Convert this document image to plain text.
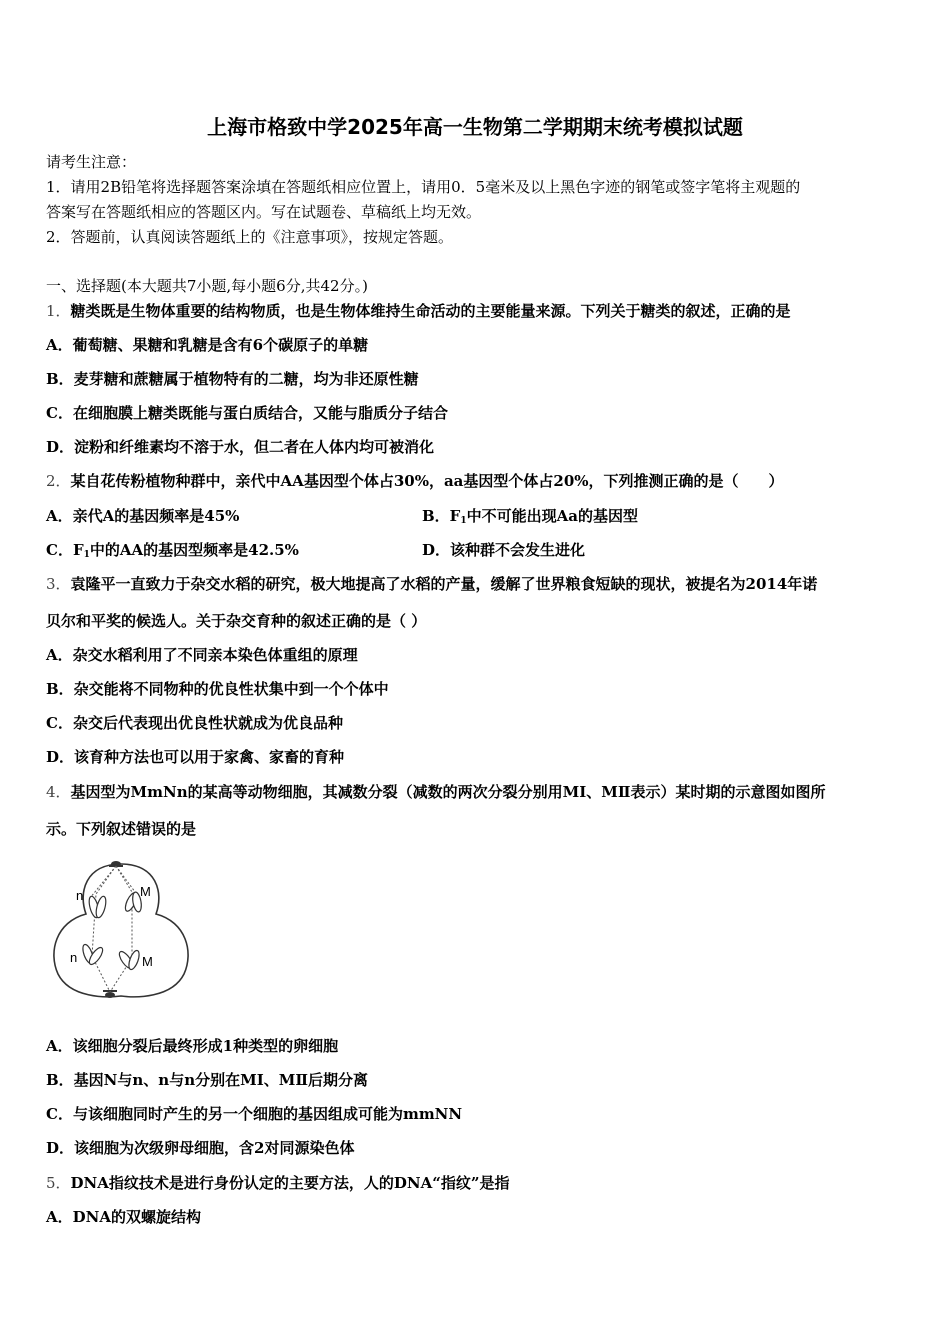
上海市格致中学2025年高一生物第二学期期末统考模拟试题
请考生注意：
1．请用2B铅笔将选择题答案涂填在答题纸相应位置上，请用0．5毫米及以上黑色字迹的钢笔或签字笔将主观题的
答案写在答题纸相应的答题区内。写在试题卷、草稿纸上均无效。
2．答题前，认真阅读答题纸上的《注意事项》，按规定答题。
一、选择题(本大题共7小题,每小题6分,共42分。)
1．糖类既是生物体重要的结构物质，也是生物体维持生命活动的主要能量来源。下列关于糖类的叙述，正确的是
A．葡萄糖、果糖和乳糖是含有6个碳原子的单糖
B．麦芽糖和蔗糖属于植物特有的二糖，均为非还原性糖
C．在细胞膜上糖类既能与蛋白质结合，又能与脂质分子结合
D．淀粉和纤维素均不溶于水，但二者在人体内均可被消化
2．某自花传粉植物种群中，亲代中AA基因型个体占30%，aa基因型个体占20%，下列推测正确的是（　　）
A．亲代A的基因频率是45%	B．$F_1$中不可能出现Aa的基因型
C．$F_1$中的AA的基因型频率是42.5%	D．该种群不会发生进化
3．袁隆平一直致力于杂交水稻的研究，极大地提高了水稻的产量，缓解了世界粮食短缺的现状，被提名为2014年诺
贝尔和平奖的候选人。关于杂交育种的叙述正确的是（ ）
A．杂交水稻利用了不同亲本染色体重组的原理
B．杂交能将不同物种的优良性状集中到一个个体中
C．杂交后代表现出优良性状就成为优良品种
D．该育种方法也可以用于家禽、家畜的育种
4．基因型为MmNn的某高等动物细胞，其减数分裂（减数的两次分裂分别用MⅠ、MⅡ表示）某时期的示意图如图所
示。下列叙述错误的是
n	M
n	M
A．该细胞分裂后最终形成1种类型的卵细胞
B．基因N与n、n与n分别在MⅠ、MⅡ后期分离
C．与该细胞同时产生的另一个细胞的基因组成可能为mmNN
D．该细胞为次级卵母细胞，含2对同源染色体
5．DNA指纹技术是进行身份认定的主要方法，人的DNA“指纹”是指
A．DNA的双螺旋结构
